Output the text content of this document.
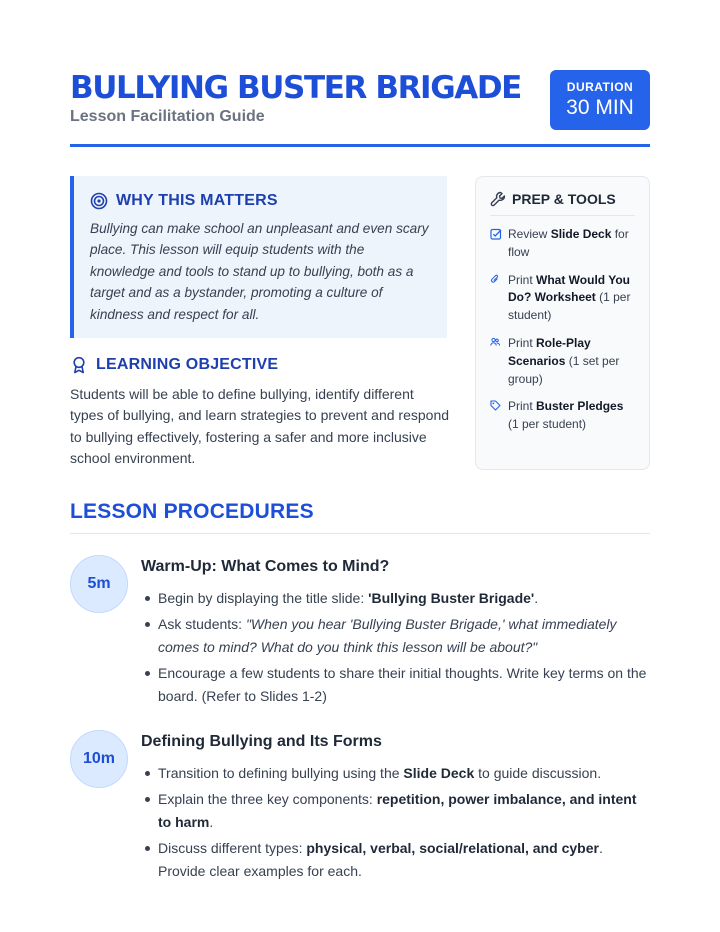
BULLYING BUSTER BRIGADE
Lesson Facilitation Guide
DURATION
30 MIN
WHY THIS MATTERS

Bullying can make school an unpleasant and even scary place. This lesson will equip students with the knowledge and tools to stand up to bullying, both as a target and as a bystander, promoting a culture of kindness and respect for all.

LEARNING OBJECTIVE

Students will be able to define bullying, identify different types of bullying, and learn strategies to prevent and respond to bullying effectively, fostering a safer and more inclusive school environment.

PREP & TOOLS
Review Slide Deck for flow
Print What Would You Do? Worksheet (1 per student)
Print Role-Play Scenarios (1 set per group)
Print Buster Pledges (1 per student)
LESSON PROCEDURES
5m
Warm-Up: What Comes to Mind?
Begin by displaying the title slide: 'Bullying Buster Brigade'.
Ask students: "When you hear 'Bullying Buster Brigade,' what immediately comes to mind? What do you think this lesson will be about?"
Encourage a few students to share their initial thoughts. Write key terms on the board. (Refer to Slides 1-2)
10m
Defining Bullying and Its Forms
Transition to defining bullying using the Slide Deck to guide discussion.
Explain the three key components: repetition, power imbalance, and intent to harm.
Discuss different types: physical, verbal, social/relational, and cyber. Provide clear examples for each.
